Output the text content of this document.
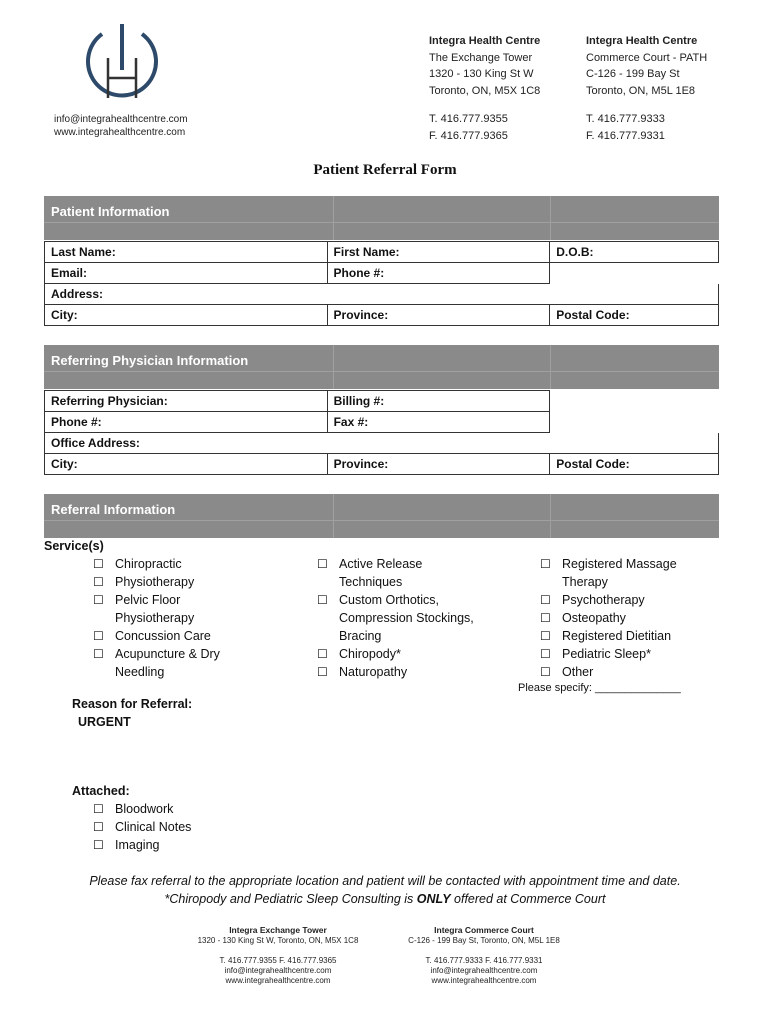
info@integrahealthcentre.com
www.integrahealthcentre.com
Integra Health Centre
The Exchange Tower
1320 - 130 King St W
Toronto, ON, M5X 1C8
T. 416.777.9355
F. 416.777.9365
Integra Health Centre
Commerce Court - PATH
C-126 - 199 Bay St
Toronto, ON, M5L 1E8
T. 416.777.9333
F. 416.777.9331
Patient Referral Form
Patient Information
Last Name:	First Name:	D.O.B:
Email:	Phone #:	
Address:		
City:	Province:	Postal Code:
Referring Physician Information
Referring Physician:	Billing #:	
Phone #:	Fax #:	
Office Address:		
City:	Province:	Postal Code:
Referral Information
Service(s)
☐ Chiropractic
☐ Physiotherapy
☐ Pelvic Floor Physiotherapy
☐ Concussion Care
☐ Acupuncture & Dry Needling
☐ Active Release Techniques
☐ Custom Orthotics, Compression Stockings, Bracing
☐ Chiropody*
☐ Naturopathy
☐ Registered Massage Therapy
☐ Psychotherapy
☐ Osteopathy
☐ Registered Dietitian
☐ Pediatric Sleep*
☐ Other
Please specify: ______________
Reason for Referral:
URGENT
Attached:
☐ Bloodwork
☐ Clinical Notes
☐ Imaging
Please fax referral to the appropriate location and patient will be contacted with appointment time and date.
*Chiropody and Pediatric Sleep Consulting is ONLY offered at Commerce Court
Integra Exchange Tower
1320 - 130 King St W, Toronto, ON, M5X 1C8
T. 416.777.9355 F. 416.777.9365
info@integrahealthcentre.com
www.integrahealthcentre.com
Integra Commerce Court
C-126 - 199 Bay St, Toronto, ON, M5L 1E8
T. 416.777.9333 F. 416.777.9331
info@integrahealthcentre.com
www.integrahealthcentre.com
